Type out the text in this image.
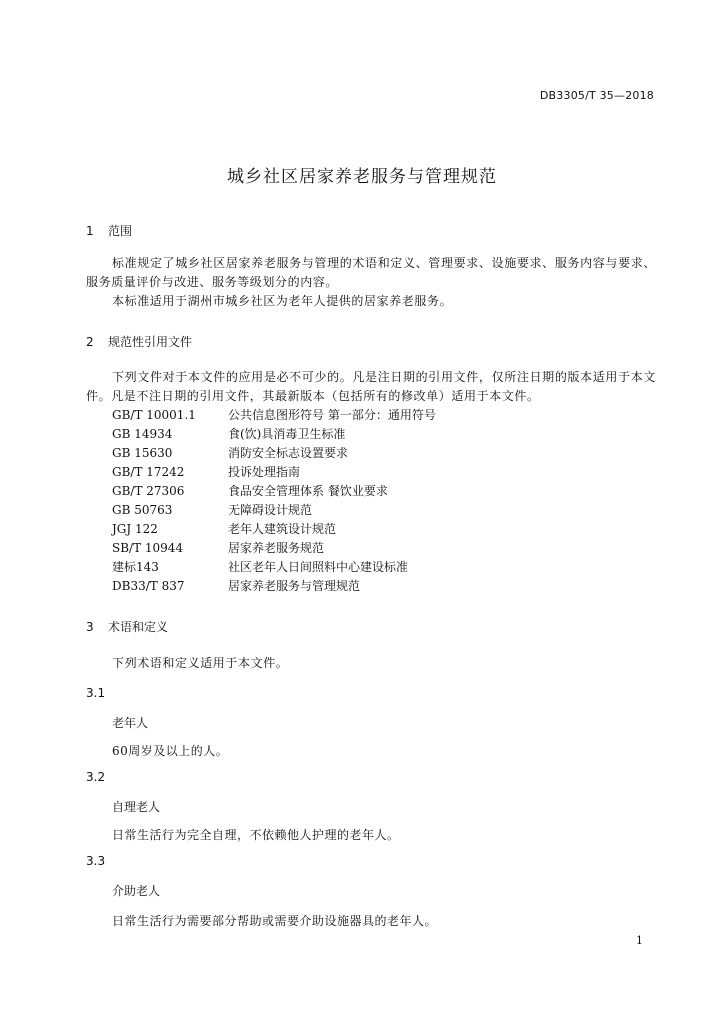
DB3305/T 35—2018
城乡社区居家养老服务与管理规范
1 范围
标准规定了城乡社区居家养老服务与管理的术语和定义、管理要求、设施要求、服务内容与要求、服务质量评价与改进、服务等级划分的内容。
本标准适用于湖州市城乡社区为老年人提供的居家养老服务。
2 规范性引用文件
下列文件对于本文件的应用是必不可少的。凡是注日期的引用文件，仅所注日期的版本适用于本文件。凡是不注日期的引用文件，其最新版本（包括所有的修改单）适用于本文件。
GB/T 10001.1	公共信息图形符号 第一部分：通用符号
GB 14934	食(饮)具消毒卫生标准
GB 15630	消防安全标志设置要求
GB/T 17242	投诉处理指南
GB/T 27306	食品安全管理体系 餐饮业要求
GB 50763	无障碍设计规范
JGJ 122	老年人建筑设计规范
SB/T 10944	居家养老服务规范
建标143	社区老年人日间照料中心建设标准
DB33/T 837	居家养老服务与管理规范
3 术语和定义
下列术语和定义适用于本文件。
3.1
老年人
60周岁及以上的人。
3.2
自理老人
日常生活行为完全自理，不依赖他人护理的老年人。
3.3
介助老人
日常生活行为需要部分帮助或需要介助设施器具的老年人。
1
